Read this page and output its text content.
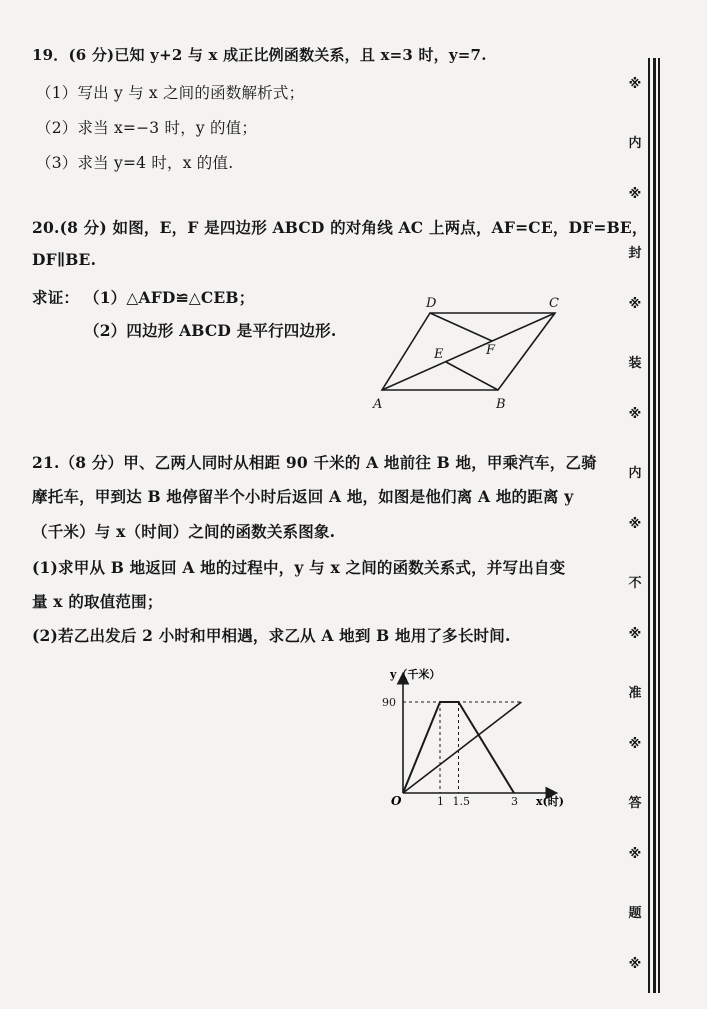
19．(6 分)已知 y+2 与 x 成正比例函数关系，且 x=3 时，y=7.
（1）写出 y 与 x 之间的函数解析式；
（2）求当 x=−3 时，y 的值；
（3）求当 y=4 时，x 的值.
20.(8 分) 如图，E，F 是四边形 ABCD 的对角线 AC 上两点，AF=CE，DF=BE，
DF∥BE.
求证： （1）△AFD≌△CEB；
（2）四边形 ABCD 是平行四边形.
A	B
C
D
E	F
21.（8 分）甲、乙两人同时从相距 90 千米的 A 地前往 B 地，甲乘汽车，乙骑
摩托车，甲到达 B 地停留半个小时后返回 A 地，如图是他们离 A 地的距离 y
（千米）与 x（时间）之间的函数关系图象.
(1)求甲从 B 地返回 A 地的过程中，y 与 x 之间的函数关系式，并写出自变
量 x 的取值范围；
(2)若乙出发后 2 小时和甲相遇，求乙从 A 地到 B 地用了多长时间.
1 1.5	3
90
y（千米）
x(时)
O
※
内
※
封
※
装
※
内
※
不
※
准
※
答
※
题
※
